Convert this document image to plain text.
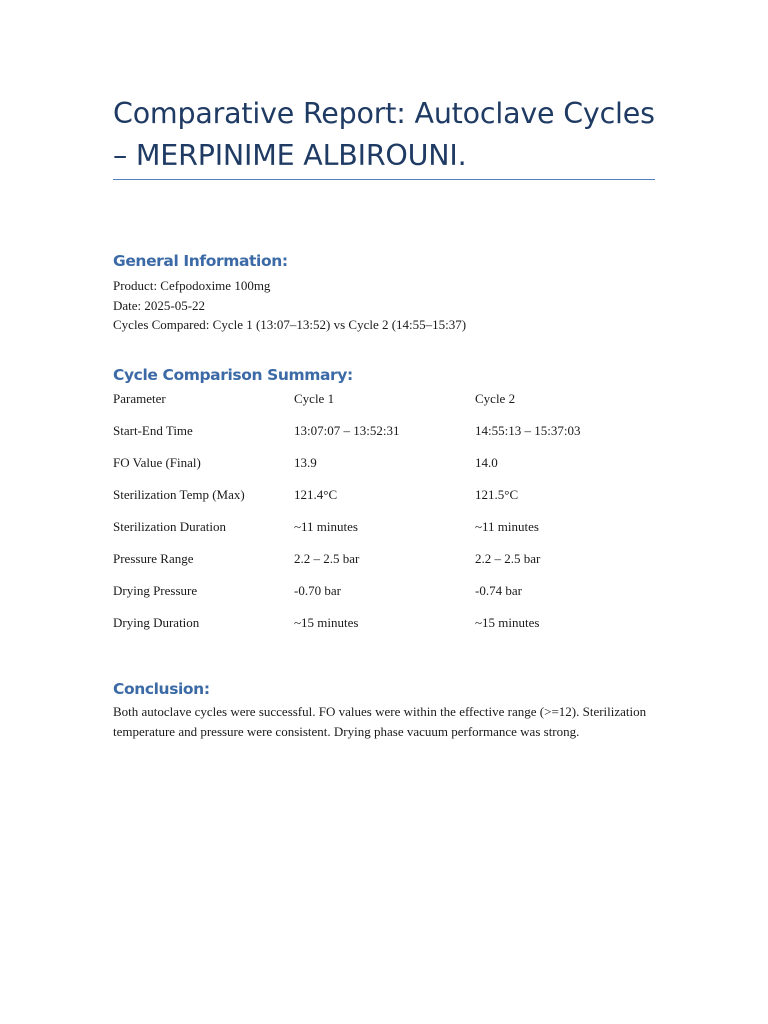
Comparative Report: Autoclave Cycles – MERPINIME ALBIROUNI.
General Information:
Product: Cefpodoxime 100mg
Date: 2025-05-22
Cycles Compared: Cycle 1 (13:07–13:52) vs Cycle 2 (14:55–15:37)
Cycle Comparison Summary:
Parameter	Cycle 1	Cycle 2
Start-End Time	13:07:07 – 13:52:31	14:55:13 – 15:37:03
FO Value (Final)	13.9	14.0
Sterilization Temp (Max)	121.4°C	121.5°C
Sterilization Duration	~11 minutes	~11 minutes
Pressure Range	2.2 – 2.5 bar	2.2 – 2.5 bar
Drying Pressure	-0.70 bar	-0.74 bar
Drying Duration	~15 minutes	~15 minutes
Conclusion:

Both autoclave cycles were successful. FO values were within the effective range (>=12). Sterilization temperature and pressure were consistent. Drying phase vacuum performance was strong.
